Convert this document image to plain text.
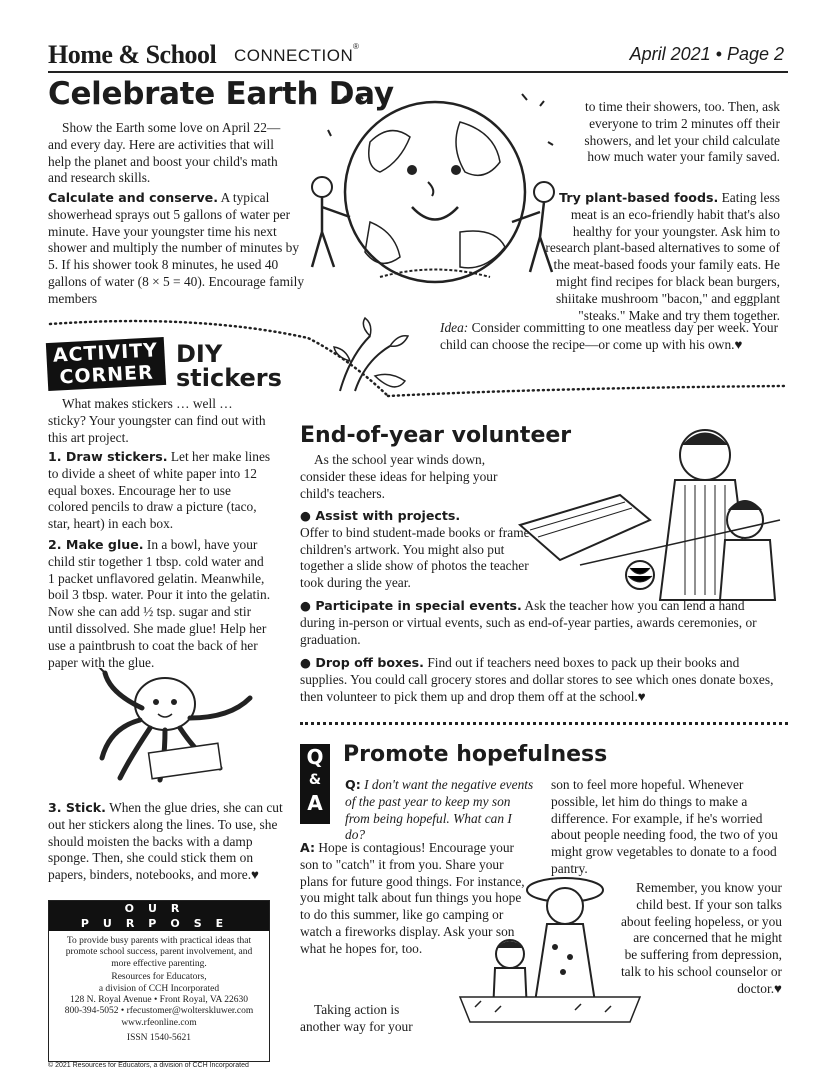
Home & School CONNECTION ®	April 2021 • Page 2
Celebrate Earth Day

Show the Earth some love on April 22—and every day. Here are activities that will help the planet and boost your child's math and research skills.

Calculate and conserve. A typical showerhead sprays out 5 gallons of water per minute. Have your youngster time his next shower and multiply the number of minutes by 5. If his shower took 8 minutes, he used 40 gallons of water (8 × 5 = 40). Encourage family members

to time their showers, too. Then, ask everyone to trim 2 minutes off their showers, and let your child calculate how much water your family saved.

Try plant-based foods. Eating less meat is an eco-friendly habit that's also healthy for your youngster. Ask him to research plant-based alternatives to some of the meat-based foods your family eats. He might find recipes for black bean burgers, shiitake mushroom "bacon," and eggplant "steaks." Make and try them together.

ACTIVITY
CORNER
DIY
stickers

Idea: Consider committing to one meatless day per week. Your child can choose the recipe—or come up with his own.♥

What makes stickers … well … sticky? Your youngster can find out with this art project.

1. Draw stickers. Let her make lines to divide a sheet of white paper into 12 equal boxes. Encourage her to use colored pencils to draw a picture (taco, star, heart) in each box.

2. Make glue. In a bowl, have your child stir together 1 tbsp. cold water and 1 packet unflavored gelatin. Meanwhile, boil 3 tbsp. water. Pour it into the gelatin. Now she can add ½ tsp. sugar and stir until dissolved. She made glue! Help her use a paintbrush to coat the back of her paper with the glue.

3. Stick. When the glue dries, she can cut out her stickers along the lines. To use, she should moisten the backs with a damp sponge. Then, she could stick them on papers, binders, notebooks, and more.♥

OUR PURPOSE
To provide busy parents with practical ideas that promote school success, parent involvement, and more effective parenting.
Resources for Educators,
a division of CCH Incorporated
128 N. Royal Avenue • Front Royal, VA 22630
800-394-5052 • rfecustomer@wolterskluwer.com
www.rfeonline.com
ISSN 1540-5621
© 2021 Resources for Educators, a division of CCH Incorporated
End-of-year volunteer

As the school year winds down, consider these ideas for helping your child's teachers.

● Assist with projects.
Offer to bind student-made books or frame children's artwork. You might also put together a slide show of photos the teacher took during the year.

● Participate in special events. Ask the teacher how you can lend a hand during in-person or virtual events, such as end-of-year parties, awards ceremonies, or graduation.

● Drop off boxes. Find out if teachers need boxes to pack up their books and supplies. You could call grocery stores and dollar stores to see which ones donate boxes, then volunteer to pick them up and drop them off at the school.♥

Q
&
A
Promote hopefulness

Q: I don't want the negative events of the past year to keep my son from being hopeful. What can I do?

A: Hope is contagious! Encourage your son to "catch" it from you. Share your plans for future good things. For instance, you might talk about fun things you hope to do this summer, like go camping or watch a fireworks display. Ask your son what he hopes for, too.

Taking action is another way for your

son to feel more hopeful. Whenever possible, let him do things to make a difference. For example, if he's worried about people needing food, the two of you might grow vegetables to donate to a food pantry.

Remember, you know your child best. If your son talks about feeling hopeless, or you are concerned that he might be suffering from depression, talk to his school counselor or doctor.♥
